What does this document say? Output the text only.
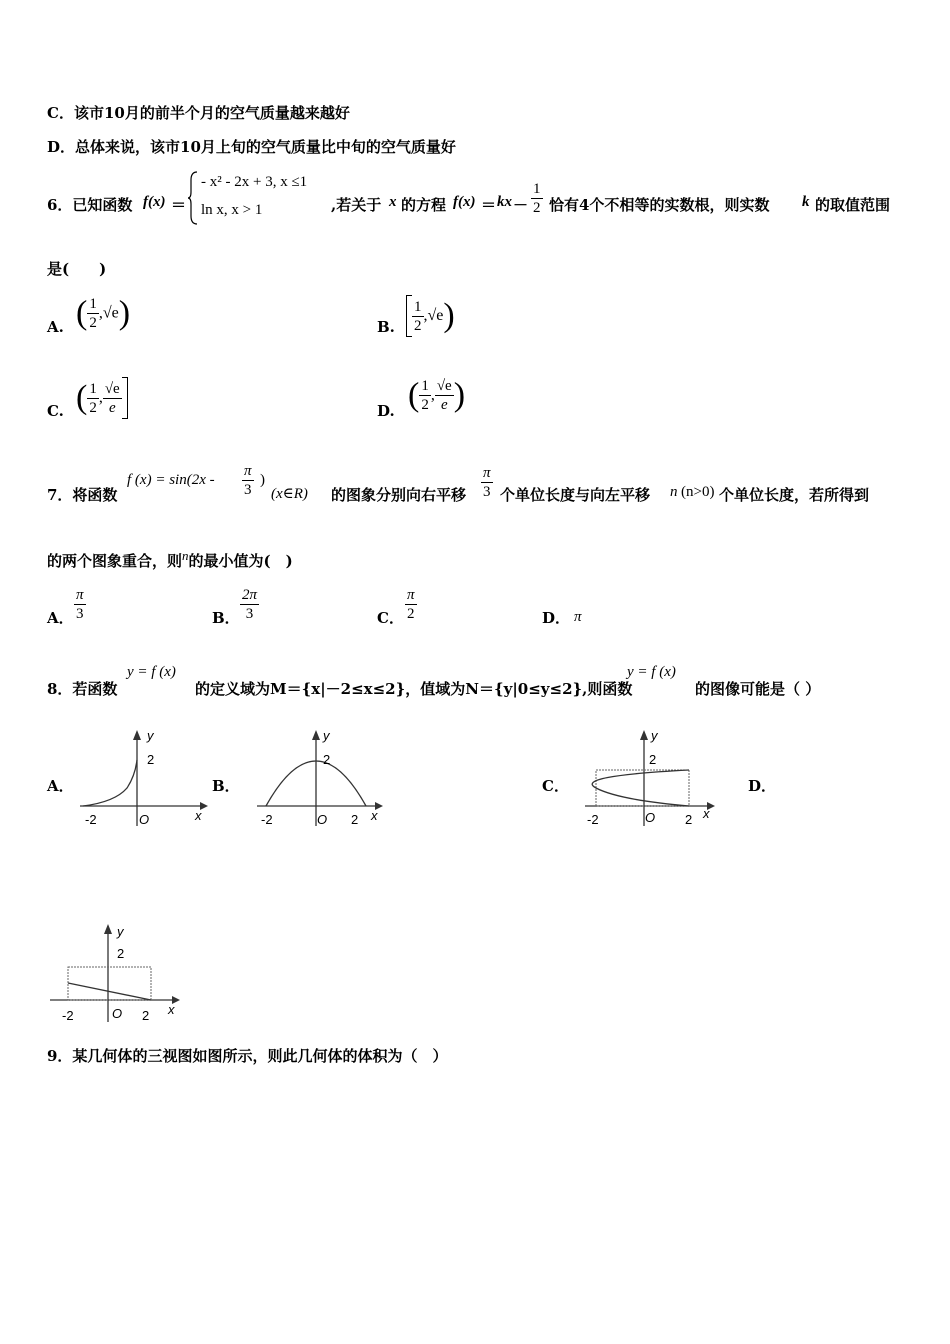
C．该市10月的前半个月的空气质量越来越好
D．总体来说，该市10月上旬的空气质量比中旬的空气质量好
6．已知函数 f(x) ＝
- x² - 2x + 3, x ≤1
ln x, x > 1	,若关于 x 的方程 f(x) ＝ kx － $\frac{1}{2}$ 恰有4个不相等的实数根，则实数 k 的取值范围
是(　　)
A. ( $\frac{1}{2} ,√e$)	B. $\frac{1}{2} ,√e$)
C. ( $\frac{1}{2}$ , $\frac{√e}{e}$	D. ( $\frac{1}{2}$ , $\frac{√e}{e}$ )
7．将函数
f $(x) = \sin(2x - \frac{\pi}{3}$ )
(x∈R) 的图象分别向右平移 $\frac{\pi}{3}$ 个单位长度与向左平移 n (n>0) 个单位长度，若所得到
的两个图象重合，则n的最小值为(　)
A． $\frac{\pi}{3}$	B． $\frac{2\pi}{3}$	C． $\frac{\pi}{2}$	D． π
8．若函数
y = f (x)
的定义域为M＝{x|－2≤x≤2}，值域为N＝{y|0≤y≤2},则函数
y = f (x)
的图像可能是（ ）
A．	B．	C．	D．
y
2
-2	O	x
y
2
-2	O 2 x
y
2
-2	O 2 x
y
2
-2	O 2 x
9．某几何体的三视图如图所示，则此几何体的体积为（　）
